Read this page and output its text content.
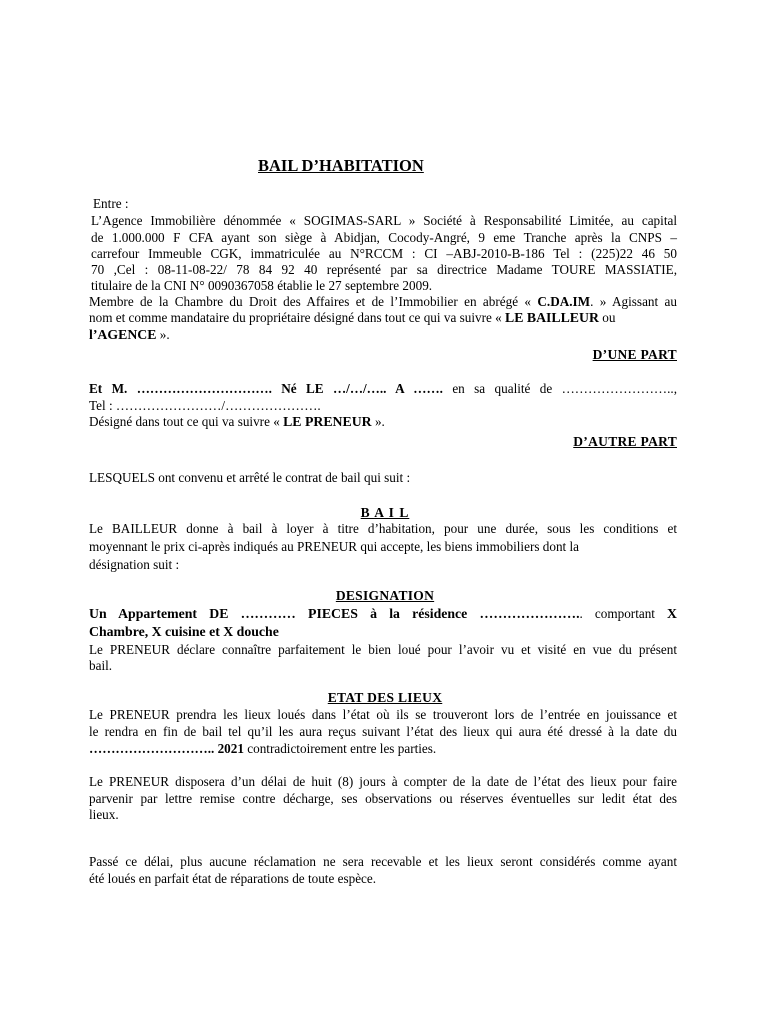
BAIL D’HABITATION
Entre :
L’Agence Immobilière dénommée « SOGIMAS-SARL » Société à Responsabilité Limitée, au capital
de 1.000.000 F CFA ayant son siège à Abidjan, Cocody-Angré, 9 eme Tranche après la CNPS –
carrefour Immeuble CGK, immatriculée au N°RCCM : CI –ABJ-2010-B-186 Tel : (225)22 46 50
70 ,Cel : 08-11-08-22/ 78 84 92 40 représenté par sa directrice Madame TOURE MASSIATIE,
titulaire de la CNI N° 0090367058 établie le 27 septembre 2009.
Membre de la Chambre du Droit des Affaires et de l’Immobilier en abrégé « C.DA.IM. » Agissant au
nom et comme mandataire du propriétaire désigné dans tout ce qui va suivre « LE BAILLEUR ou
l’AGENCE ».
D’UNE PART
Et M. …………………………. Né LE …/…/….. A ……. en sa qualité de ……………………..,
Tel : ……………………/………………….
Désigné dans tout ce qui va suivre « LE PRENEUR ».
D’AUTRE PART
LESQUELS ont convenu et arrêté le contrat de bail qui suit :
B A I L
Le BAILLEUR donne à bail à loyer à titre d’habitation, pour une durée, sous les conditions et
moyennant le prix ci-après indiqués au PRENEUR qui accepte, les biens immobiliers dont la
désignation suit :
DESIGNATION
Un Appartement DE ………… PIECES à la résidence ………………….. comportant X
Chambre, X cuisine et X douche
Le PRENEUR déclare connaître parfaitement le bien loué pour l’avoir vu et visité en vue du présent
bail.
ETAT DES LIEUX
Le PRENEUR prendra les lieux loués dans l’état où ils se trouveront lors de l’entrée en jouissance et
le rendra en fin de bail tel qu’il les aura reçus suivant l’état des lieux qui aura été dressé à la date du
……………………….. 2021 contradictoirement entre les parties.
Le PRENEUR disposera d’un délai de huit (8) jours à compter de la date de l’état des lieux pour faire
parvenir par lettre remise contre décharge, ses observations ou réserves éventuelles sur ledit état des
lieux.
Passé ce délai, plus aucune réclamation ne sera recevable et les lieux seront considérés comme ayant
été loués en parfait état de réparations de toute espèce.
